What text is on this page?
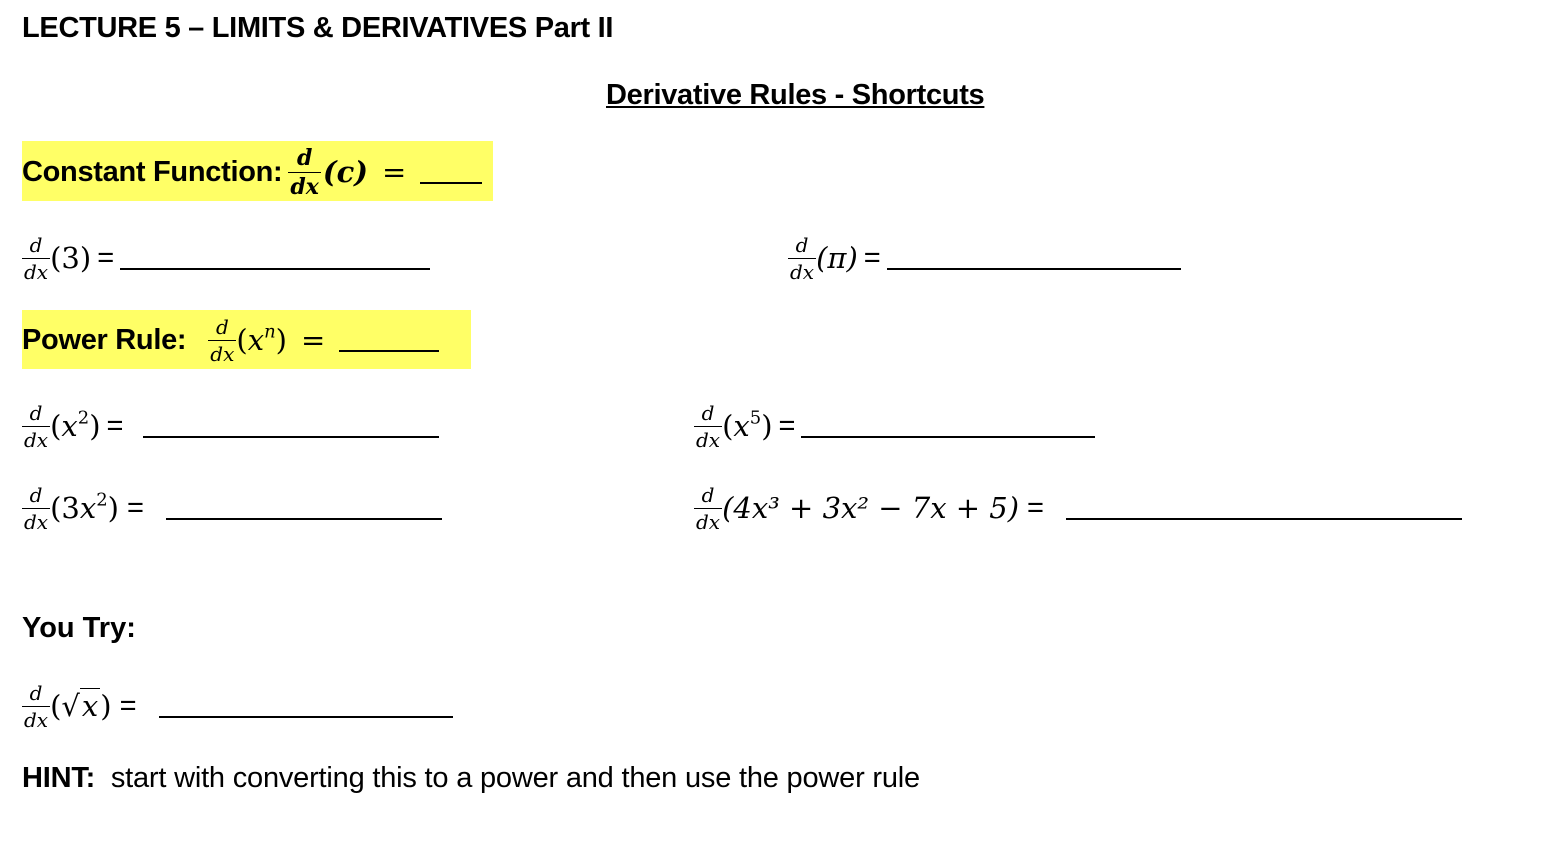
LECTURE 5 – LIMITS & DERIVATIVES Part II
Derivative Rules - Shortcuts
Constant Function: $\frac{d}{dx} (c)$ =
$\frac{d}{dx} (3)$ =	$\frac{d}{dx} (\pi)$ =
Power Rule: $\frac{d}{dx} (x^n)$ =
$\frac{d}{dx} (x^2)$ =	$\frac{d}{dx} (x^5)$ =
$\frac{d}{dx} (3x^2)$ =	$\frac{d}{dx} (4x^3 + 3x^2 - 7x + 5)$ =
You Try:
$\frac{d}{dx} (√x)$ =
HINT: start with converting this to a power and then use the power rule
